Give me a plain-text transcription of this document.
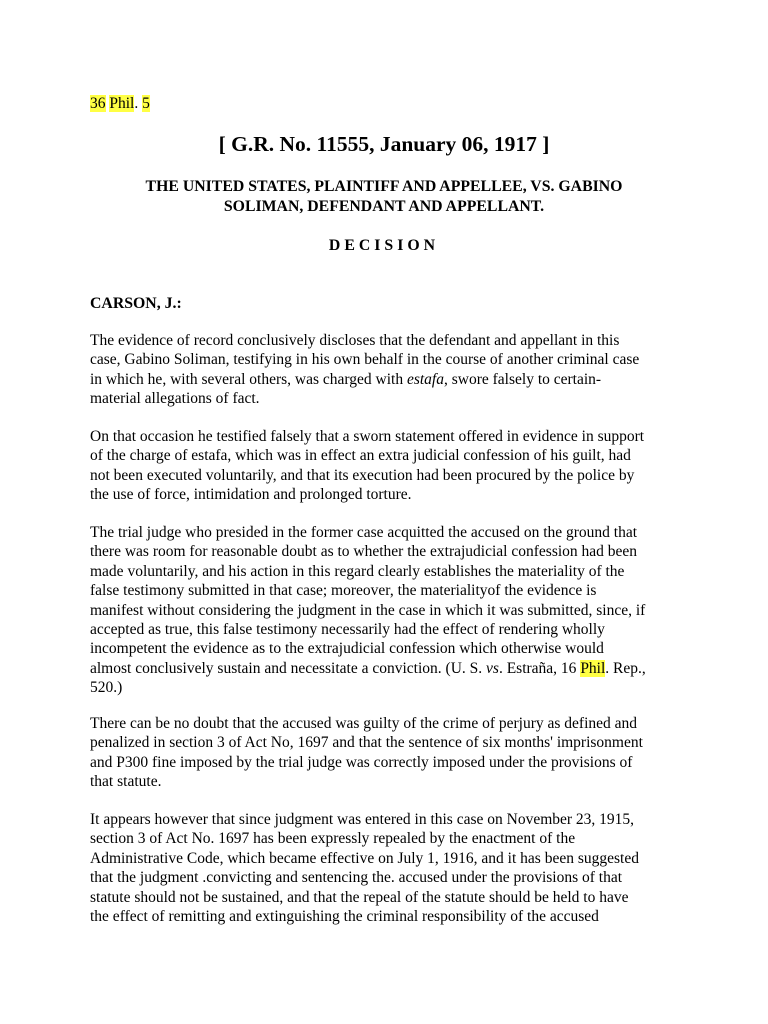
36 Phil. 5
[ G.R. No. 11555, January 06, 1917 ]
THE UNITED STATES, PLAINTIFF AND APPELLEE, VS. GABINO
SOLIMAN, DEFENDANT AND APPELLANT.
DECISION
CARSON, J.:
The evidence of record conclusively discloses that the defendant and appellant in this
case, Gabino Soliman, testifying in his own behalf in the course of another criminal case
in which he, with several others, was charged with estafa, swore falsely to certain-
material allegations of fact.
On that occasion he testified falsely that a sworn statement offered in evidence in support
of the charge of estafa, which was in effect an extra judicial confession of his guilt, had
not been executed voluntarily, and that its execution had been procured by the police by
the use of force, intimidation and prolonged torture.
The trial judge who presided in the former case acquitted the accused on the ground that
there was room for reasonable doubt as to whether the extrajudicial confession had been
made voluntarily, and his action in this regard clearly establishes the materiality of the
false testimony submitted in that case; moreover, the materialityof the evidence is
manifest without considering the judgment in the case in which it was submitted, since, if
accepted as true, this false testimony necessarily had the effect of rendering wholly
incompetent the evidence as to the extrajudicial confession which otherwise would
almost conclusively sustain and necessitate a conviction. (U. S. vs. Estraña, 16 Phil. Rep.,
520.)
There can be no doubt that the accused was guilty of the crime of perjury as defined and
penalized in section 3 of Act No, 1697 and that the sentence of six months' imprisonment
and P300 fine imposed by the trial judge was correctly imposed under the provisions of
that statute.
It appears however that since judgment was entered in this case on November 23, 1915,
section 3 of Act No. 1697 has been expressly repealed by the enactment of the
Administrative Code, which became effective on July 1, 1916, and it has been suggested
that the judgment .convicting and sentencing the. accused under the provisions of that
statute should not be sustained, and that the repeal of the statute should be held to have
the effect of remitting and extinguishing the criminal responsibility of the accused
